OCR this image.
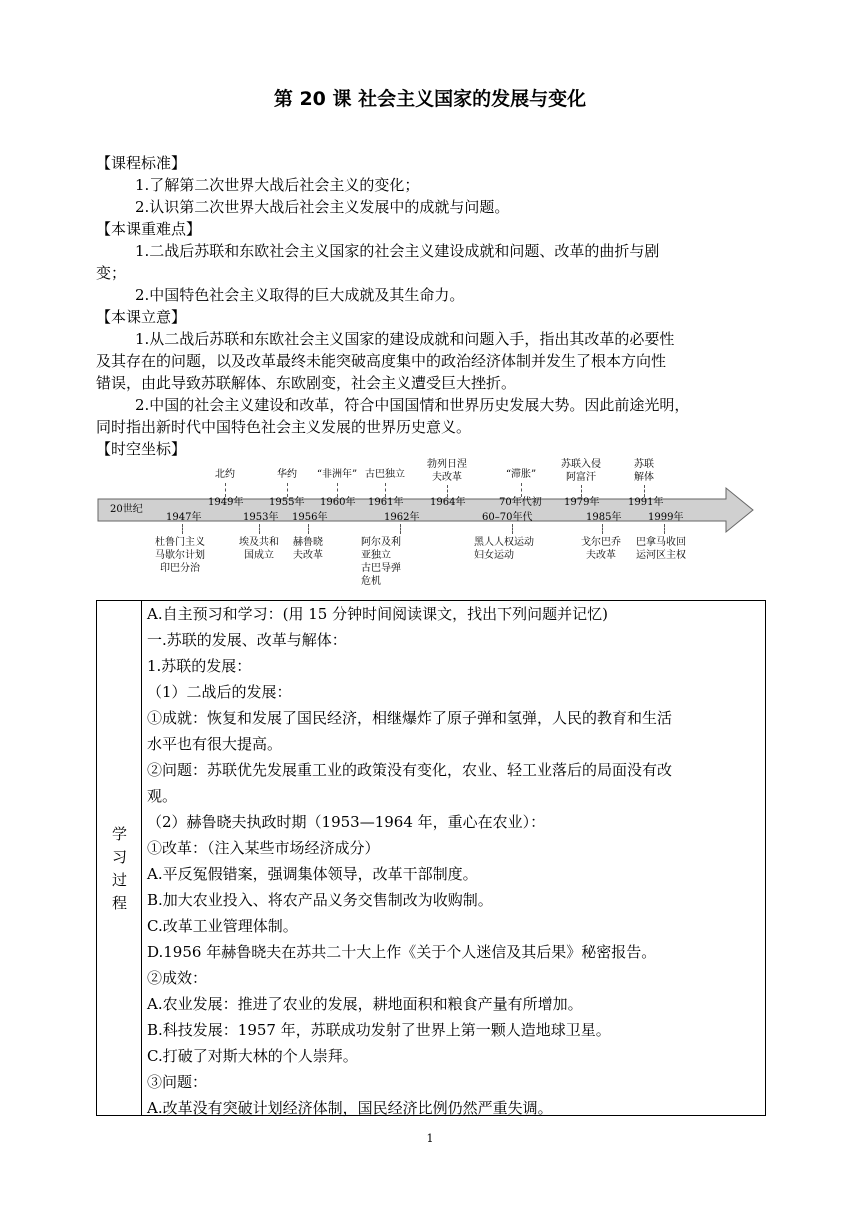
第 20 课 社会主义国家的发展与变化
【课程标准】
1.了解第二次世界大战后社会主义的变化；
2.认识第二次世界大战后社会主义发展中的成就与问题。
【本课重难点】
1.二战后苏联和东欧社会主义国家的社会主义建设成就和问题、改革的曲折与剧
变；
2.中国特色社会主义取得的巨大成就及其生命力。
【本课立意】
1.从二战后苏联和东欧社会主义国家的建设成就和问题入手，指出其改革的必要性
及其存在的问题，以及改革最终未能突破高度集中的政治经济体制并发生了根本方向性
错误，由此导致苏联解体、东欧剧变，社会主义遭受巨大挫折。
2.中国的社会主义建设和改革，符合中国国情和世界历史发展大势。因此前途光明，
同时指出新时代中国特色社会主义发展的世界历史意义。
【时空坐标】
20世纪
北约
1949年
华约
1955年
“非洲年”
1960年
古巴独立
1961年
勃列日涅
夫改革
1964年
“滞胀”
70年代初
苏联入侵
阿富汗
1979年
苏联
解体
1991年
1947年
杜鲁门主义
马歇尔计划
印巴分治
1953年
埃及共和
国成立
1956年
赫鲁晓
夫改革
1962年
阿尔及利
亚独立
古巴导弹
危机
60–70年代
黑人人权运动
妇女运动
1985年
戈尔巴乔
夫改革
1999年
巴拿马收回
运河区主权
学
习
过
程
A.自主预习和学习：(用 15 分钟时间阅读课文，找出下列问题并记忆)
一.苏联的发展、改革与解体：
1.苏联的发展：
（1）二战后的发展：
①成就：恢复和发展了国民经济，相继爆炸了原子弹和氢弹，人民的教育和生活
水平也有很大提高。
②问题：苏联优先发展重工业的政策没有变化，农业、轻工业落后的局面没有改
观。
（2）赫鲁晓夫执政时期（1953—1964 年，重心在农业）：
①改革：（注入某些市场经济成分）
A.平反冤假错案，强调集体领导，改革干部制度。
B.加大农业投入、将农产品义务交售制改为收购制。
C.改革工业管理体制。
D.1956 年赫鲁晓夫在苏共二十大上作《关于个人迷信及其后果》秘密报告。
②成效：
A.农业发展：推进了农业的发展，耕地面积和粮食产量有所增加。
B.科技发展：1957 年，苏联成功发射了世界上第一颗人造地球卫星。
C.打破了对斯大林的个人崇拜。
③问题：
A.改革没有突破计划经济体制，国民经济比例仍然严重失调。
1
